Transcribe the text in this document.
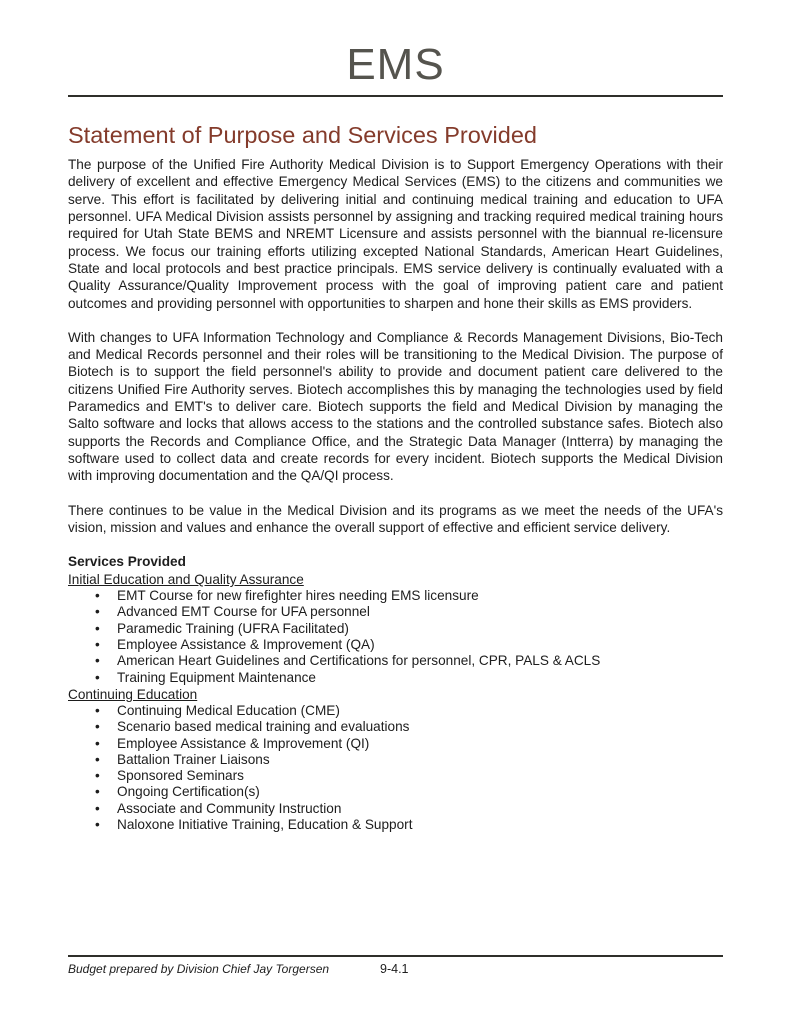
EMS
Statement of Purpose and Services Provided

The purpose of the Unified Fire Authority Medical Division is to Support Emergency Operations with their delivery of excellent and effective Emergency Medical Services (EMS) to the citizens and communities we serve. This effort is facilitated by delivering initial and continuing medical training and education to UFA personnel. UFA Medical Division assists personnel by assigning and tracking required medical training hours required for Utah State BEMS and NREMT Licensure and assists personnel with the biannual re-licensure process. We focus our training efforts utilizing excepted National Standards, American Heart Guidelines, State and local protocols and best practice principals. EMS service delivery is continually evaluated with a Quality Assurance/Quality Improvement process with the goal of improving patient care and patient outcomes and providing personnel with opportunities to sharpen and hone their skills as EMS providers.

With changes to UFA Information Technology and Compliance & Records Management Divisions, Bio-Tech and Medical Records personnel and their roles will be transitioning to the Medical Division. The purpose of Biotech is to support the field personnel's ability to provide and document patient care delivered to the citizens Unified Fire Authority serves. Biotech accomplishes this by managing the technologies used by field Paramedics and EMT's to deliver care. Biotech supports the field and Medical Division by managing the Salto software and locks that allows access to the stations and the controlled substance safes. Biotech also supports the Records and Compliance Office, and the Strategic Data Manager (Intterra) by managing the software used to collect data and create records for every incident. Biotech supports the Medical Division with improving documentation and the QA/QI process.

There continues to be value in the Medical Division and its programs as we meet the needs of the UFA's vision, mission and values and enhance the overall support of effective and efficient service delivery.

Services Provided
Initial Education and Quality Assurance
• EMT Course for new firefighter hires needing EMS licensure
• Advanced EMT Course for UFA personnel
• Paramedic Training (UFRA Facilitated)
• Employee Assistance & Improvement (QA)
• American Heart Guidelines and Certifications for personnel, CPR, PALS & ACLS
• Training Equipment Maintenance
Continuing Education
• Continuing Medical Education (CME)
• Scenario based medical training and evaluations
• Employee Assistance & Improvement (QI)
• Battalion Trainer Liaisons
• Sponsored Seminars
• Ongoing Certification(s)
• Associate and Community Instruction
• Naloxone Initiative Training, Education & Support
Budget prepared by Division Chief Jay Torgersen	9-4.1
